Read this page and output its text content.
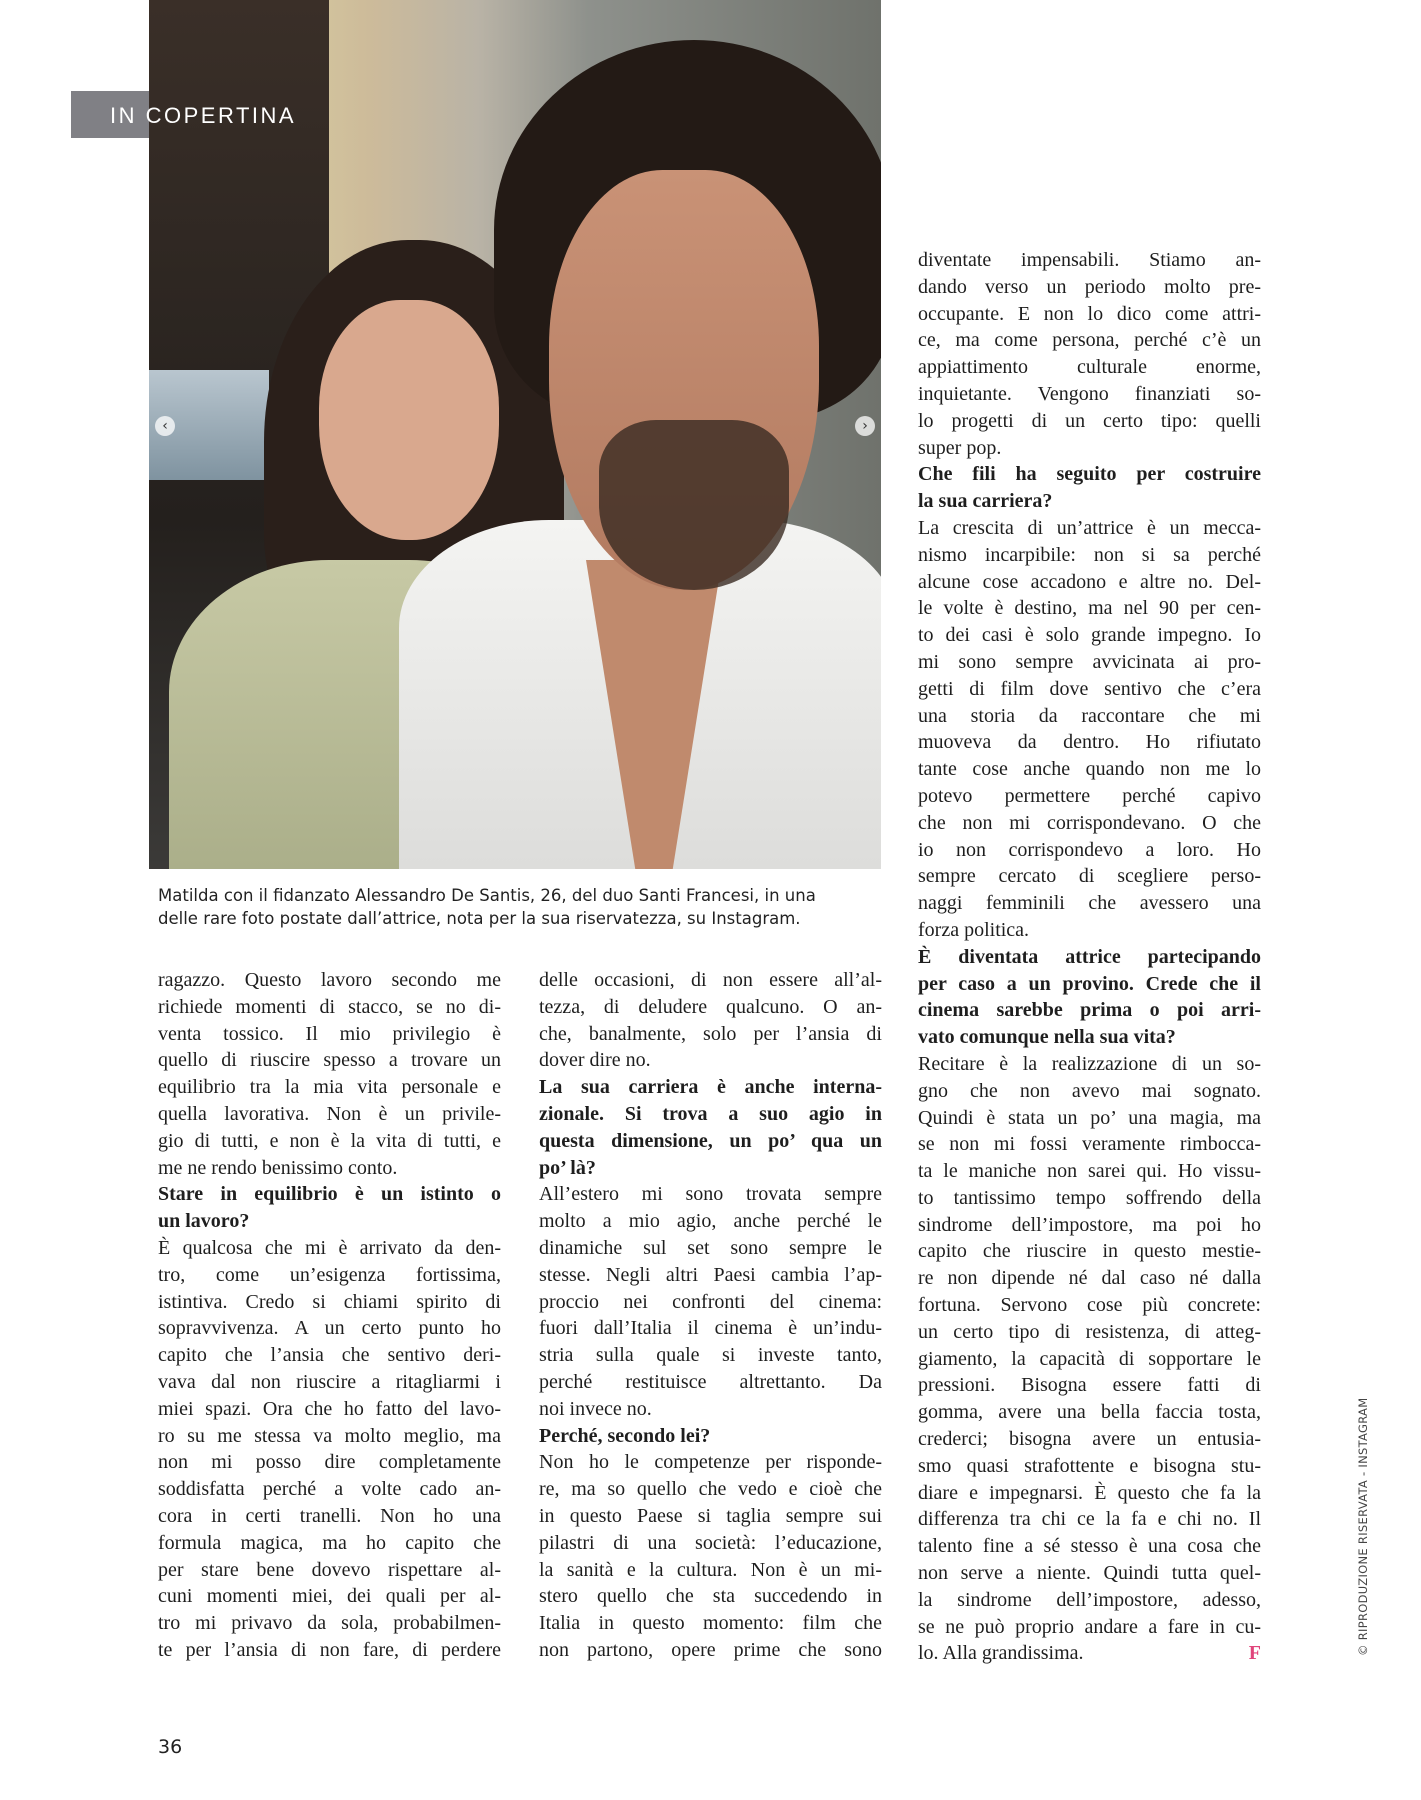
‹	›
IN COPERTINA
Matilda con il fidanzato Alessandro De Santis, 26, del duo Santi Francesi, in una
delle rare foto postate dall’attrice, nota per la sua riservatezza, su Instagram.
ragazzo. Questo lavoro secondo me
richiede momenti di stacco, se no di-
venta tossico. Il mio privilegio è
quello di riuscire spesso a trovare un
equilibrio tra la mia vita personale e
quella lavorativa. Non è un privile-
gio di tutti, e non è la vita di tutti, e
me ne rendo benissimo conto.
Stare in equilibrio è un istinto o
un lavoro?
È qualcosa che mi è arrivato da den-
tro, come un’esigenza fortissima,
istintiva. Credo si chiami spirito di
sopravvivenza. A un certo punto ho
capito che l’ansia che sentivo deri-
vava dal non riuscire a ritagliarmi i
miei spazi. Ora che ho fatto del lavo-
ro su me stessa va molto meglio, ma
non mi posso dire completamente
soddisfatta perché a volte cado an-
cora in certi tranelli. Non ho una
formula magica, ma ho capito che
per stare bene dovevo rispettare al-
cuni momenti miei, dei quali per al-
tro mi privavo da sola, probabilmen-
te per l’ansia di non fare, di perdere
delle occasioni, di non essere all’al-
tezza, di deludere qualcuno. O an-
che, banalmente, solo per l’ansia di
dover dire no.
La sua carriera è anche interna-
zionale. Si trova a suo agio in
questa dimensione, un po’ qua un
po’ là?
All’estero mi sono trovata sempre
molto a mio agio, anche perché le
dinamiche sul set sono sempre le
stesse. Negli altri Paesi cambia l’ap-
proccio nei confronti del cinema:
fuori dall’Italia il cinema è un’indu-
stria sulla quale si investe tanto,
perché restituisce altrettanto. Da
noi invece no.
Perché, secondo lei?
Non ho le competenze per risponde-
re, ma so quello che vedo e cioè che
in questo Paese si taglia sempre sui
pilastri di una società: l’educazione,
la sanità e la cultura. Non è un mi-
stero quello che sta succedendo in
Italia in questo momento: film che
non partono, opere prime che sono
diventate impensabili. Stiamo an-
dando verso un periodo molto pre-
occupante. E non lo dico come attri-
ce, ma come persona, perché c’è un
appiattimento culturale enorme,
inquietante. Vengono finanziati so-
lo progetti di un certo tipo: quelli
super pop.
Che fili ha seguito per costruire
la sua carriera?
La crescita di un’attrice è un mecca-
nismo incarpibile: non si sa perché
alcune cose accadono e altre no. Del-
le volte è destino, ma nel 90 per cen-
to dei casi è solo grande impegno. Io
mi sono sempre avvicinata ai pro-
getti di film dove sentivo che c’era
una storia da raccontare che mi
muoveva da dentro. Ho rifiutato
tante cose anche quando non me lo
potevo permettere perché capivo
che non mi corrispondevano. O che
io non corrispondevo a loro. Ho
sempre cercato di scegliere perso-
naggi femminili che avessero una
forza politica.
È diventata attrice partecipando
per caso a un provino. Crede che il
cinema sarebbe prima o poi arri-
vato comunque nella sua vita?
Recitare è la realizzazione di un so-
gno che non avevo mai sognato.
Quindi è stata un po’ una magia, ma
se non mi fossi veramente rimbocca-
ta le maniche non sarei qui. Ho vissu-
to tantissimo tempo soffrendo della
sindrome dell’impostore, ma poi ho
capito che riuscire in questo mestie-
re non dipende né dal caso né dalla
fortuna. Servono cose più concrete:
un certo tipo di resistenza, di atteg-
giamento, la capacità di sopportare le
pressioni. Bisogna essere fatti di
gomma, avere una bella faccia tosta,
crederci; bisogna avere un entusia-
smo quasi strafottente e bisogna stu-
diare e impegnarsi. È questo che fa la
differenza tra chi ce la fa e chi no. Il
talento fine a sé stesso è una cosa che
non serve a niente. Quindi tutta quel-
la sindrome dell’impostore, adesso,
se ne può proprio andare a fare in cu-
lo. Alla grandissima.	F
36
© RIPRODUZIONE RISERVATA - INSTAGRAM
